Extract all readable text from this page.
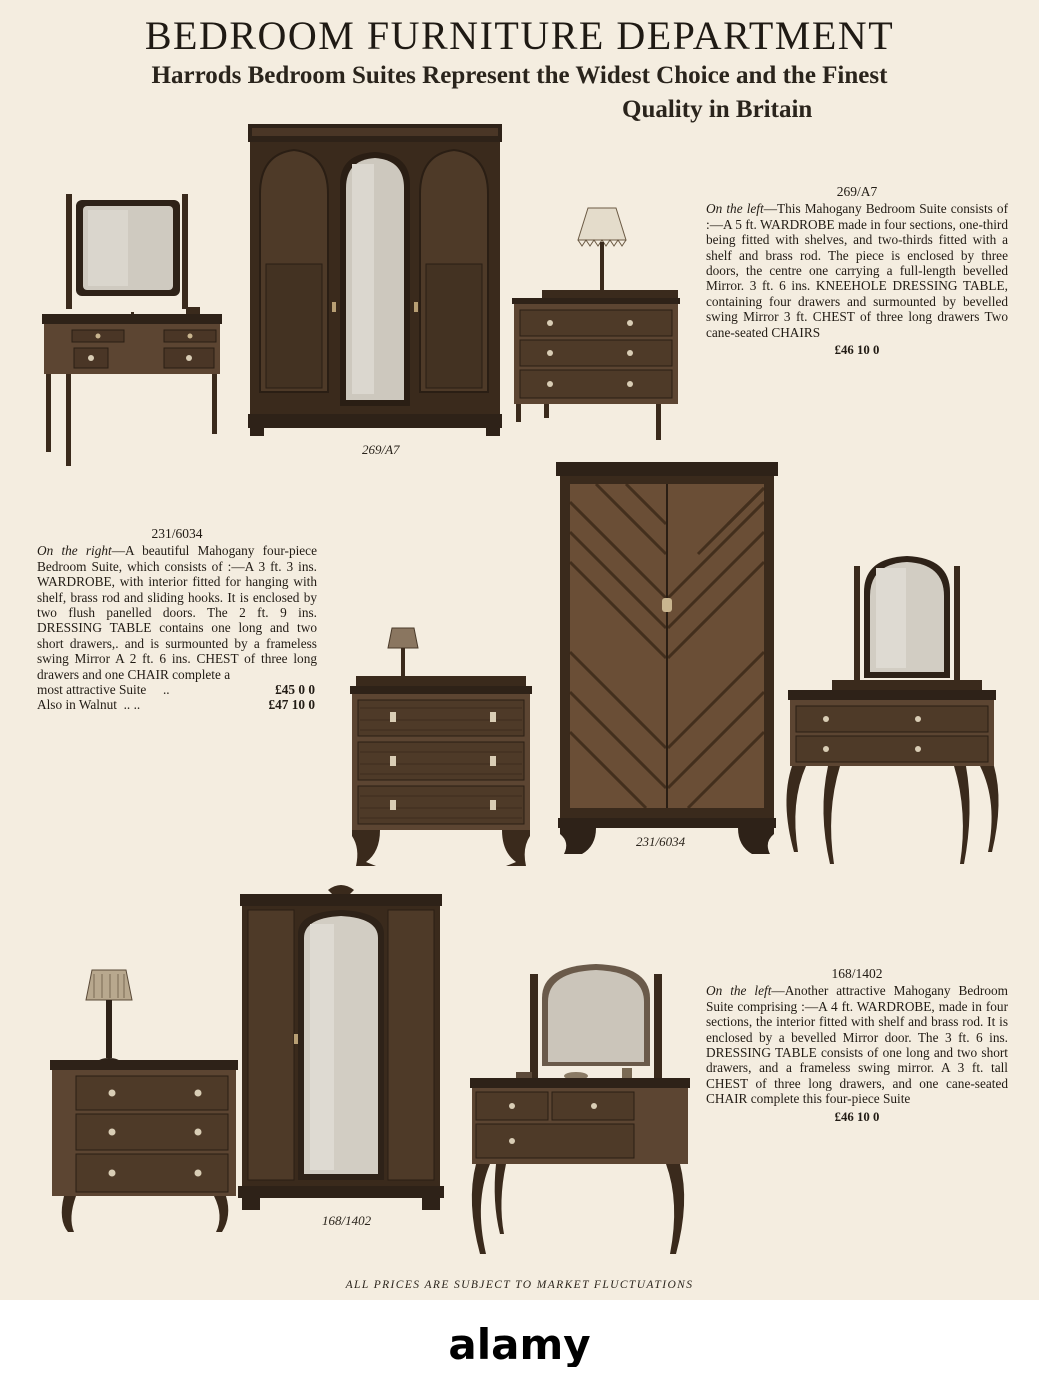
BEDROOM FURNITURE DEPARTMENT
Harrods Bedroom Suites Represent the Widest Choice and the Finest
Quality in Britain
269/A7
On the left—This Mahogany Bedroom Suite consists of :—A 5 ft. WARDROBE made in four sections, one-third being fitted with shelves, and two-thirds fitted with a shelf and brass rod. The piece is enclosed by three doors, the centre one carrying a full-length bevelled Mirror. 3 ft. 6 ins. KNEEHOLE DRESSING TABLE, containing four drawers and surmounted by bevelled swing Mirror 3 ft. CHEST of three long drawers Two cane-seated CHAIRS
£46 10 0
231/6034
On the right—A beautiful Mahogany four-piece Bedroom Suite, which consists of :—A 3 ft. 3 ins. WARDROBE, with interior fitted for hanging with shelf, brass rod and sliding hooks. It is enclosed by two flush panelled doors. The 2 ft. 9 ins. DRESSING TABLE contains one long and two short drawers,. and is surmounted by a frameless swing Mirror A 2 ft. 6 ins. CHEST of three long drawers and one CHAIR complete a
most attractive Suite ..	£45 0 0
Also in Walnut .. ..	£47 10 0
168/1402
On the left—Another attractive Mahogany Bedroom Suite comprising :—A 4 ft. WARDROBE, made in four sections, the interior fitted with shelf and brass rod. It is enclosed by a bevelled Mirror door. The 3 ft. 6 ins. DRESSING TABLE consists of one long and two short drawers, and a frameless swing mirror. A 3 ft. tall CHEST of three long drawers, and one cane-seated CHAIR complete this four-piece Suite
£46 10 0
269/A7
231/6034
168/1402
ALL PRICES ARE SUBJECT TO MARKET FLUCTUATIONS
alamy
